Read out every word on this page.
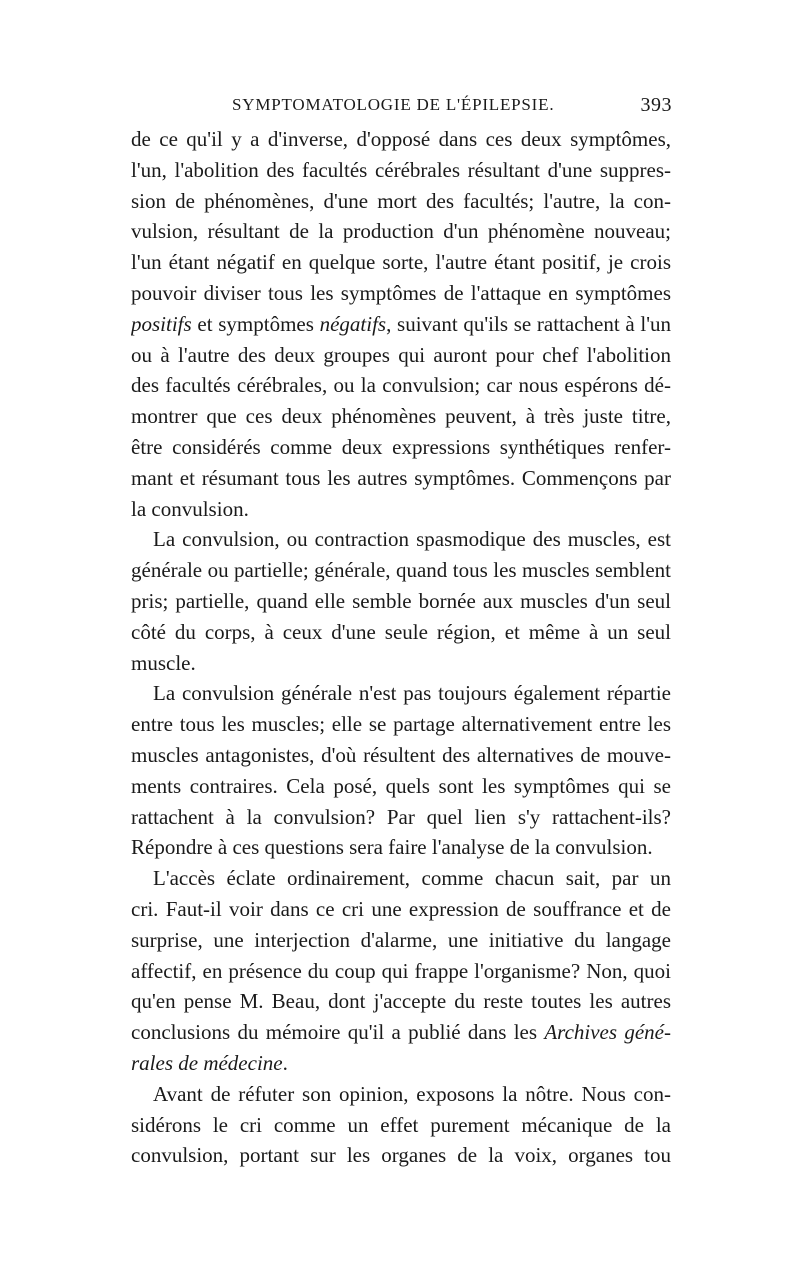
SYMPTOMATOLOGIE DE L'ÉPILEPSIE.	393
de ce qu'il y a d'inverse, d'opposé dans ces deux symptômes,
l'un, l'abolition des facultés cérébrales résultant d'une suppres-
sion de phénomènes, d'une mort des facultés; l'autre, la con-
vulsion, résultant de la production d'un phénomène nouveau;
l'un étant négatif en quelque sorte, l'autre étant positif, je crois
pouvoir diviser tous les symptômes de l'attaque en symptômes
positifs et symptômes négatifs, suivant qu'ils se rattachent à l'un
ou à l'autre des deux groupes qui auront pour chef l'abolition
des facultés cérébrales, ou la convulsion; car nous espérons dé-
montrer que ces deux phénomènes peuvent, à très juste titre,
être considérés comme deux expressions synthétiques renfer-
mant et résumant tous les autres symptômes. Commençons par
la convulsion.
La convulsion, ou contraction spasmodique des muscles, est
générale ou partielle; générale, quand tous les muscles semblent
pris; partielle, quand elle semble bornée aux muscles d'un seul
côté du corps, à ceux d'une seule région, et même à un seul
muscle.
La convulsion générale n'est pas toujours également répartie
entre tous les muscles; elle se partage alternativement entre les
muscles antagonistes, d'où résultent des alternatives de mouve-
ments contraires. Cela posé, quels sont les symptômes qui se
rattachent à la convulsion? Par quel lien s'y rattachent-ils?
Répondre à ces questions sera faire l'analyse de la convulsion.
L'accès éclate ordinairement, comme chacun sait, par un
cri. Faut-il voir dans ce cri une expression de souffrance et de
surprise, une interjection d'alarme, une initiative du langage
affectif, en présence du coup qui frappe l'organisme? Non, quoi
qu'en pense M. Beau, dont j'accepte du reste toutes les autres
conclusions du mémoire qu'il a publié dans les Archives géné-
rales de médecine.
Avant de réfuter son opinion, exposons la nôtre. Nous con-
sidérons le cri comme un effet purement mécanique de la
convulsion, portant sur les organes de la voix, organes tou
